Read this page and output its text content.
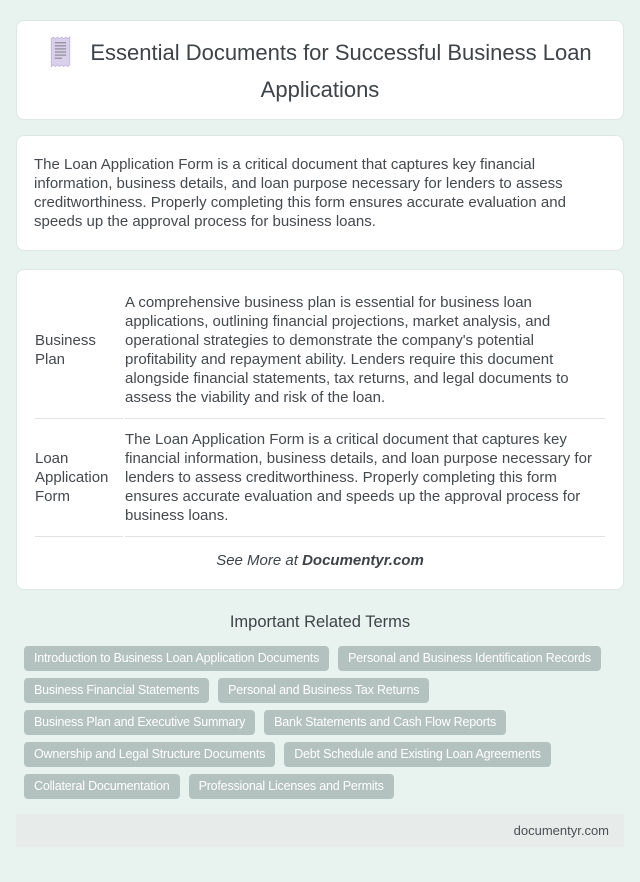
Essential Documents for Successful Business Loan Applications

The Loan Application Form is a critical document that captures key financial information, business details, and loan purpose necessary for lenders to assess creditworthiness. Properly completing this form ensures accurate evaluation and speeds up the approval process for business loans.

Business Plan	A comprehensive business plan is essential for business loan applications, outlining financial projections, market analysis, and operational strategies to demonstrate the company's potential profitability and repayment ability. Lenders require this document alongside financial statements, tax returns, and legal documents to assess the viability and risk of the loan.
Loan Application Form	The Loan Application Form is a critical document that captures key financial information, business details, and loan purpose necessary for lenders to assess creditworthiness. Properly completing this form ensures accurate evaluation and speeds up the approval process for business loans.

See More at Documentyr.com

Important Related Terms
Introduction to Business Loan Application Documents	Personal and Business Identification Records
Business Financial Statements	Personal and Business Tax Returns
Business Plan and Executive Summary	Bank Statements and Cash Flow Reports
Ownership and Legal Structure Documents	Debt Schedule and Existing Loan Agreements
Collateral Documentation	Professional Licenses and Permits
documentyr.com
